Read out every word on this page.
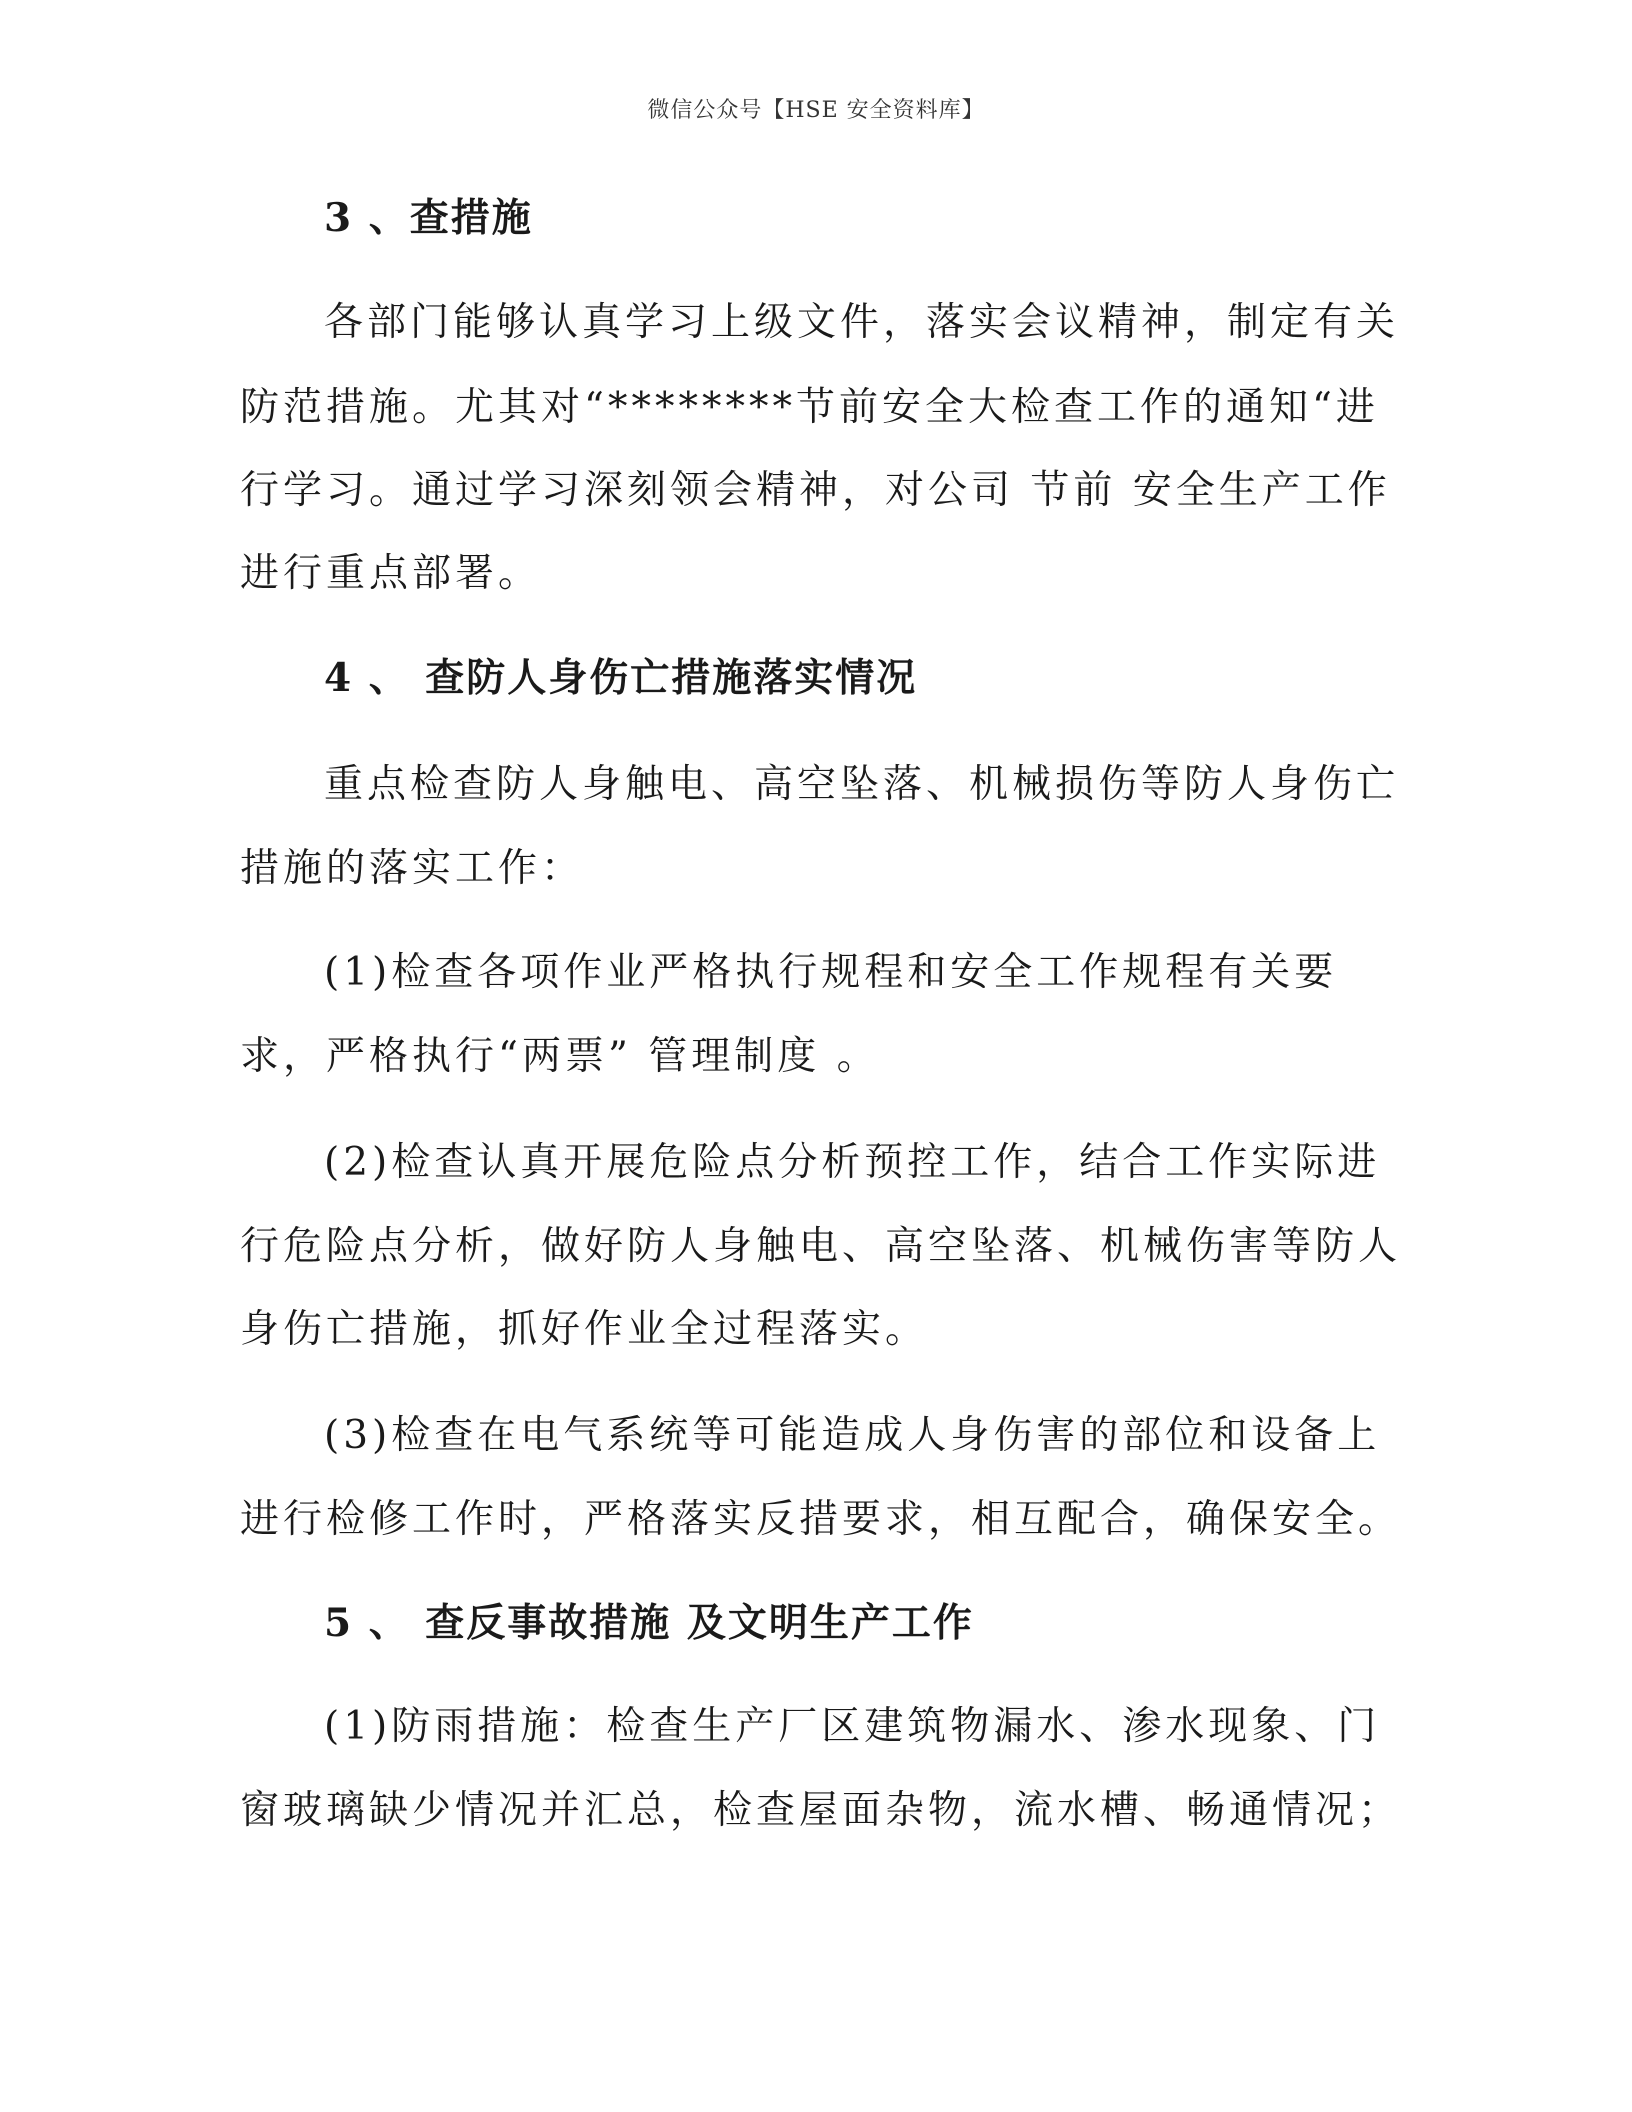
微信公众号【HSE 安全资料库】
3 、查措施
各部门能够认真学习上级文件，落实会议精神，制定有关
防范措施。尤其对“********节前安全大检查工作的通知“进
行学习。通过学习深刻领会精神，对公司 节前 安全生产工作
进行重点部署。
4 、 查防人身伤亡措施落实情况
重点检查防人身触电、高空坠落、机械损伤等防人身伤亡
措施的落实工作：
(1)检查各项作业严格执行规程和安全工作规程有关要
求，严格执行“两票” 管理制度 。
(2)检查认真开展危险点分析预控工作，结合工作实际进
行危险点分析，做好防人身触电、高空坠落、机械伤害等防人
身伤亡措施，抓好作业全过程落实。
(3)检查在电气系统等可能造成人身伤害的部位和设备上
进行检修工作时，严格落实反措要求，相互配合，确保安全。
5 、 查反事故措施 及文明生产工作
(1)防雨措施：检查生产厂区建筑物漏水、渗水现象、门
窗玻璃缺少情况并汇总，检查屋面杂物，流水槽、畅通情况；
